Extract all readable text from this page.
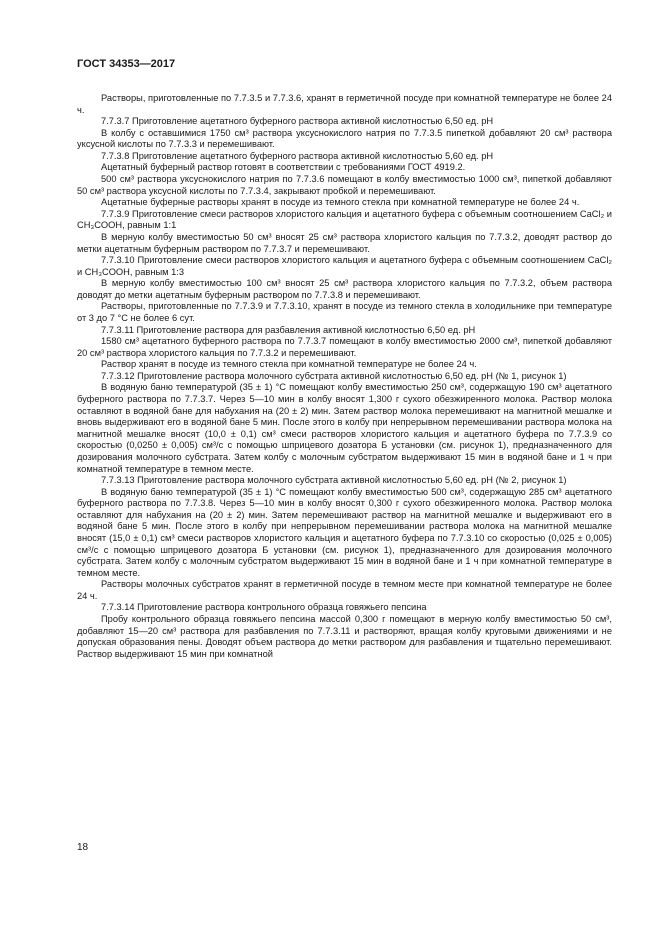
ГОСТ 34353—2017

Растворы, приготовленные по 7.7.3.5 и 7.7.3.6, хранят в герметичной посуде при комнатной температуре не более 24 ч.

7.7.3.7 Приготовление ацетатного буферного раствора активной кислотностью 6,50 ед. рН

В колбу с оставшимися 1750 см³ раствора уксуснокислого натрия по 7.7.3.5 пипеткой добавляют 20 см³ раствора уксусной кислоты по 7.7.3.3 и перемешивают.

7.7.3.8 Приготовление ацетатного буферного раствора активной кислотностью 5,60 ед. рН

Ацетатный буферный раствор готовят в соответствии с требованиями ГОСТ 4919.2.

500 см³ раствора уксуснокислого натрия по 7.7.3.6 помещают в колбу вместимостью 1000 см³, пипеткой добавляют 50 см³ раствора уксусной кислоты по 7.7.3.4, закрывают пробкой и перемешивают.

Ацетатные буферные растворы хранят в посуде из темного стекла при комнатной температуре не более 24 ч.

7.7.3.9 Приготовление смеси растворов хлористого кальция и ацетатного буфера с объемным соотношением CaCl₂ и CH₃COOH, равным 1:1

В мерную колбу вместимостью 50 см³ вносят 25 см³ раствора хлористого кальция по 7.7.3.2, доводят раствор до метки ацетатным буферным раствором по 7.7.3.7 и перемешивают.

7.7.3.10 Приготовление смеси растворов хлористого кальция и ацетатного буфера с объемным соотношением CaCl₂ и CH₃COOH, равным 1:3

В мерную колбу вместимостью 100 см³ вносят 25 см³ раствора хлористого кальция по 7.7.3.2, объем раствора доводят до метки ацетатным буферным раствором по 7.7.3.8 и перемешивают.

Растворы, приготовленные по 7.7.3.9 и 7.7.3.10, хранят в посуде из темного стекла в холодильнике при температуре от 3 до 7 °С не более 6 сут.

7.7.3.11 Приготовление раствора для разбавления активной кислотностью 6,50 ед. рН

1580 см³ ацетатного буферного раствора по 7.7.3.7 помещают в колбу вместимостью 2000 см³, пипеткой добавляют 20 см³ раствора хлористого кальция по 7.7.3.2 и перемешивают.

Раствор хранят в посуде из темного стекла при комнатной температуре не более 24 ч.

7.7.3.12 Приготовление раствора молочного субстрата активной кислотностью 6,50 ед. рН (№ 1, рисунок 1)

В водяную баню температурой (35 ± 1) °С помещают колбу вместимостью 250 см³, содержащую 190 см³ ацетатного буферного раствора по 7.7.3.7. Через 5—10 мин в колбу вносят 1,300 г сухого обезжиренного молока. Раствор молока оставляют в водяной бане для набухания на (20 ± 2) мин. Затем раствор молока перемешивают на магнитной мешалке и вновь выдерживают его в водяной бане 5 мин. После этого в колбу при непрерывном перемешивании раствора молока на магнитной мешалке вносят (10,0 ± 0,1) см³ смеси растворов хлористого кальция и ацетатного буфера по 7.7.3.9 со скоростью (0,0250 ± 0,005) см³/с с помощью шприцевого дозатора Б установки (см. рисунок 1), предназначенного для дозирования молочного субстрата. Затем колбу с молочным субстратом выдерживают 15 мин в водяной бане и 1 ч при комнатной температуре в темном месте.

7.7.3.13 Приготовление раствора молочного субстрата активной кислотностью 5,60 ед. рН (№ 2, рисунок 1)

В водяную баню температурой (35 ± 1) °С помещают колбу вместимостью 500 см³, содержащую 285 см³ ацетатного буферного раствора по 7.7.3.8. Через 5—10 мин в колбу вносят 0,300 г сухого обезжиренного молока. Раствор молока оставляют для набухания на (20 ± 2) мин. Затем перемешивают раствор на магнитной мешалке и выдерживают его в водяной бане 5 мин. После этого в колбу при непрерывном перемешивании раствора молока на магнитной мешалке вносят (15,0 ± 0,1) см³ смеси растворов хлористого кальция и ацетатного буфера по 7.7.3.10 со скоростью (0,025 ± 0,005) см³/с с помощью шприцевого дозатора Б установки (см. рисунок 1), предназначенного для дозирования молочного субстрата. Затем колбу с молочным субстратом выдерживают 15 мин в водяной бане и 1 ч при комнатной температуре в темном месте.

Растворы молочных субстратов хранят в герметичной посуде в темном месте при комнатной температуре не более 24 ч.

7.7.3.14 Приготовление раствора контрольного образца говяжьего пепсина

Пробу контрольного образца говяжьего пепсина массой 0,300 г помещают в мерную колбу вместимостью 50 см³, добавляют 15—20 см³ раствора для разбавления по 7.7.3.11 и растворяют, вращая колбу круговыми движениями и не допуская образования пены. Доводят объем раствора до метки раствором для разбавления и тщательно перемешивают. Раствор выдерживают 15 мин при комнатной

18
